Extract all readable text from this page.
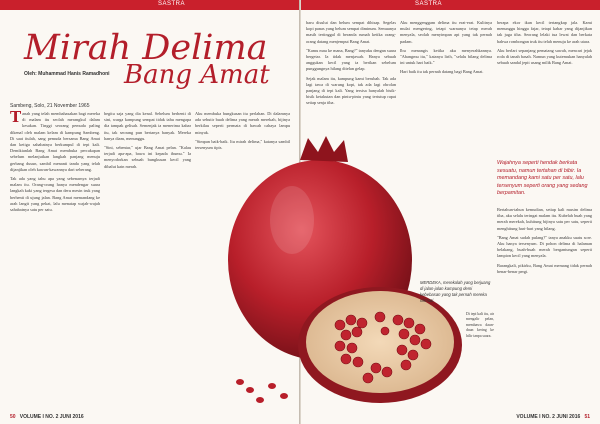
SASTRA	SASTRA
Mirah Delima
Bang Amat
Oleh: Muhammad Hanis Ramadhoni
Sambeng, Solo, 21 November 1965

Tanah yang telah membahasakan bagi mereka di malam itu seolah merangkul dalam kesakan. Tinggi seorang pemuda paling dikenal oleh malam kelam di kampung Sambeng. Di saat itulah, sang pemuda bersama Bang Amat dan ketiga sahabatnya berkumpul di tepi kali. Demikianlah Bang Amat membuka percakapan sebelum melanjutkan langkah panjang menuju gerbang dusun, sambil menanti tanda yang telah dijanjikan oleh kawan-kawannya dari seberang.

Tak ada yang tahu apa yang sebenarnya terjadi malam itu. Orang-orang hanya mendengar suara langkah kaki yang tergesa dan deru mesin truk yang berhenti di ujung jalan. Bang Amat memandang ke arah langit yang pekat, lalu menatap wajah-wajah sahabatnya satu per satu.

begitu saja yang dia kenal. Sebelum berhenti di sini, warga kampung sempat tidak tahu mengapa dia tampak gelisah. Semenjak ia menerima kabar itu, tak seorang pun bertanya banyak. Mereka hanya diam, menunggu.

"Sini, sebentar," ujar Bang Amat pelan. "Kalau terjadi apa-apa, bawa ini kepada ibumu." Ia menyodorkan sebuah bungkusan kecil yang dibalut kain merah.

Aku membuka bungkusan itu perlahan. Di dalamnya ada sebutir buah delima yang merah merekah, bijinya berkilau seperti permata di bawah cahaya lampu minyak.

"Simpan baik-baik. Itu mirah delima," katanya sambil tersenyum tipis.

baru disulut dan belum sempat dihisap. Segelas kopi panas yang belum sempat diminum. Semuanya masih tertinggal di beranda rumah ketika orang-orang datang menjemput Bang Amat.

"Kamu mau ke mana, Bang?" tanyaku dengan suara bergetar. Ia tidak menjawab. Hanya sebuah anggukan kecil yang ia berikan sebelum punggungnya hilang ditelan gelap.

Sejak malam itu, kampung kami berubah. Tak ada lagi tawa di warung kopi, tak ada lagi obrolan panjang di tepi kali. Yang tersisa hanyalah bisik-bisik ketakutan dan pintu-pintu yang tertutup rapat setiap senja tiba.

Aku menggenggam delima itu erat-erat. Kulitnya mulai mengering, tetapi warnanya tetap merah menyala, seolah menyimpan api yang tak pernah padam.

Ibu menangis ketika aku menyerahkannya. "Abangmu itu," katanya lirih, "selalu bilang delima ini untuk hari baik."

Hari baik itu tak pernah datang bagi Bang Amat.

Di tepi kali itu, air mengalir pelan, membawa daun-daun kering ke hilir tanpa suara.

berapa ekor ikan kecil tertangkap jala. Kami menunggu hingga fajar, tetapi kabar yang dijanjikan tak juga tiba. Seorang lelaki tua lewat dan berkata bahwa rombongan truk itu telah menuju ke arah utara.

Aku berlari sepanjang pematang sawah, mencari jejak roda di tanah basah. Namun yang kutemukan hanyalah sebuah sandal jepit usang milik Bang Amat.

Wajahnya seperti hendak berkata sesuatu, namun tertahan di bibir. Ia memandang kami satu per satu, lalu tersenyum seperti orang yang sedang berpamitan.

Bertahun-tahun kemudian, setiap kali musim delima tiba, aku selalu teringat malam itu. Kubelah buah yang merah merekah, kuhitung bijinya satu per satu, seperti menghitung hari-hari yang hilang.

"Bang Amat sudah pulang?" tanya anakku suatu sore. Aku hanya tersenyum. Di pohon delima di halaman belakang, buah-buah merah bergantungan seperti lampion kecil yang menyala.

Barangkali, pikirku, Bang Amat memang tidak pernah benar-benar pergi.

MERDEKA, merekalah yang berjuang di jalan-jalan kampung demi kebebasan yang tak pernah mereka nikmati.
50 VOLUME I NO. 2 JUNI 2016	VOLUME I NO. 2 JUNI 2016 51
